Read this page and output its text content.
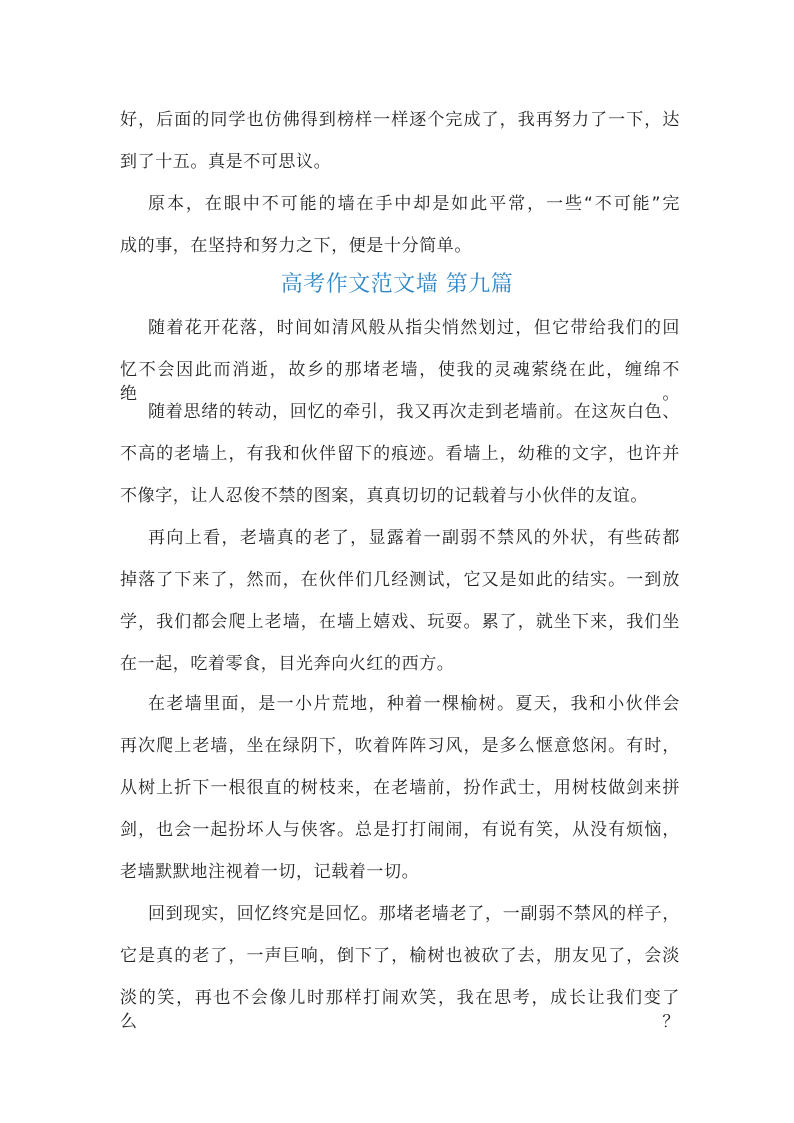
好，后面的同学也仿佛得到榜样一样逐个完成了，我再努力了一下，达
到了十五。真是不可思议。
原本，在眼中不可能的墙在手中却是如此平常，一些“不可能”完
成的事，在坚持和努力之下，便是十分简单。
高考作文范文墙 第九篇
随着花开花落，时间如清风般从指尖悄然划过，但它带给我们的回
忆不会因此而消逝，故乡的那堵老墙，使我的灵魂萦绕在此，缠绵不绝。
随着思绪的转动，回忆的牵引，我又再次走到老墙前。在这灰白色、
不高的老墙上，有我和伙伴留下的痕迹。看墙上，幼稚的文字，也许并
不像字，让人忍俊不禁的图案，真真切切的记载着与小伙伴的友谊。
再向上看，老墙真的老了，显露着一副弱不禁风的外状，有些砖都
掉落了下来了，然而，在伙伴们几经测试，它又是如此的结实。一到放
学，我们都会爬上老墙，在墙上嬉戏、玩耍。累了，就坐下来，我们坐
在一起，吃着零食，目光奔向火红的西方。
在老墙里面，是一小片荒地，种着一棵榆树。夏天，我和小伙伴会
再次爬上老墙，坐在绿阴下，吹着阵阵习风，是多么惬意悠闲。有时，
从树上折下一根很直的树枝来，在老墙前，扮作武士，用树枝做剑来拼
剑，也会一起扮坏人与侠客。总是打打闹闹，有说有笑，从没有烦恼，
老墙默默地注视着一切，记载着一切。
回到现实，回忆终究是回忆。那堵老墙老了，一副弱不禁风的样子，
它是真的老了，一声巨响，倒下了，榆树也被砍了去，朋友见了，会淡
淡的笑，再也不会像儿时那样打闹欢笑，我在思考，成长让我们变了么？
